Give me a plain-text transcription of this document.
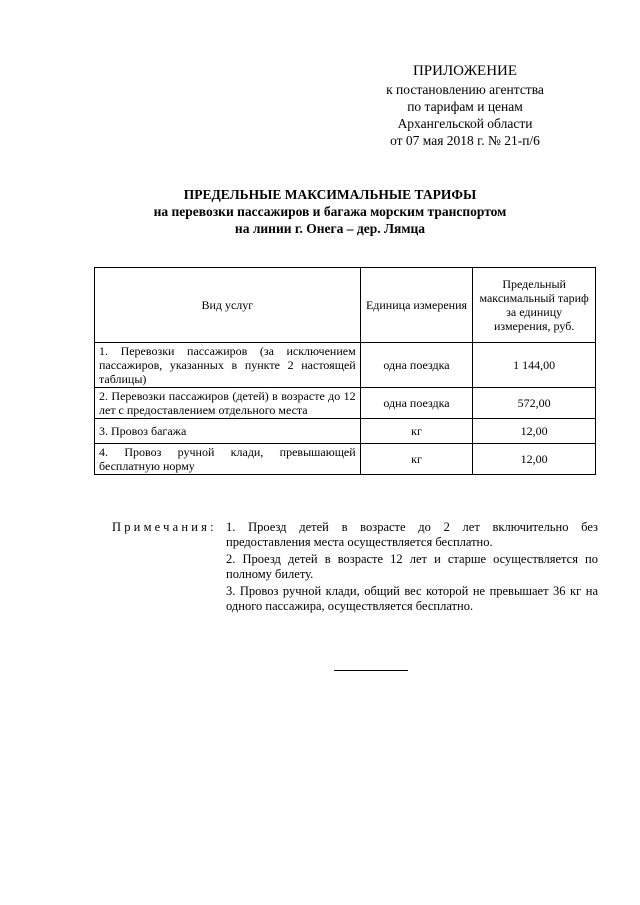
ПРИЛОЖЕНИЕ
к постановлению агентства
по тарифам и ценам
Архангельской области
от 07 мая 2018 г. № 21-п/6
ПРЕДЕЛЬНЫЕ МАКСИМАЛЬНЫЕ ТАРИФЫ
на перевозки пассажиров и багажа морским транспортом
на линии г. Онега – дер. Лямца
Вид услуг	Единица измерения	Предельный максимальный тариф за единицу измерения, руб.
1. Перевозки пассажиров (за исключением пассажиров, указанных в пункте 2 настоящей таблицы)	одна поездка	1 144,00
2. Перевозки пассажиров (детей) в возрасте до 12 лет с предоставлением отдельного места	одна поездка	572,00
3. Провоз багажа	кг	12,00
4. Провоз ручной клади, превышающей бесплатную норму	кг	12,00
Примечания: 1. Проезд детей в возрасте до 2 лет включительно без предоставления места осуществляется бесплатно.
2. Проезд детей в возрасте 12 лет и старше осуществляется по полному билету.
3. Провоз ручной клади, общий вес которой не превышает 36 кг на одного пассажира, осуществляется бесплатно.
